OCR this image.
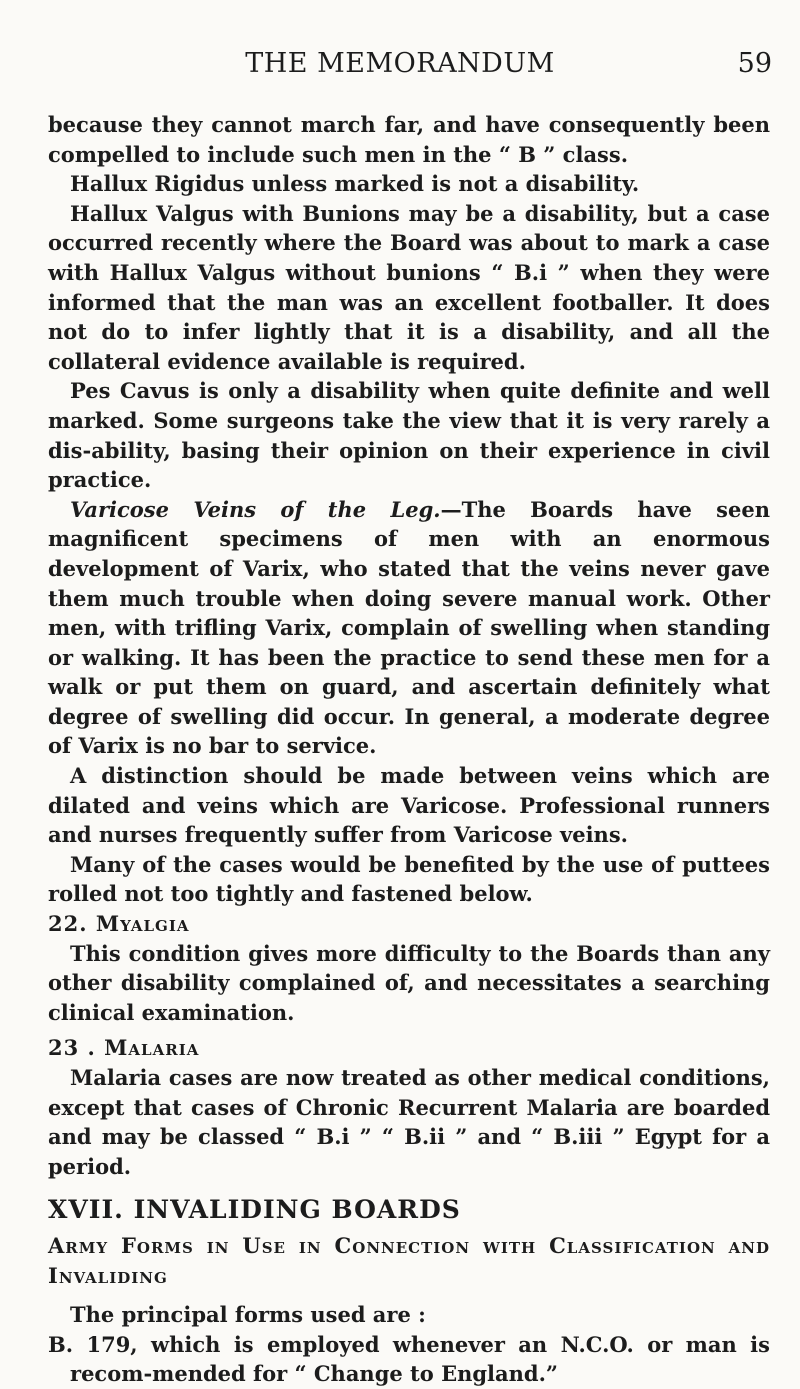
THE MEMORANDUM	59

because they cannot march far, and have consequently been compelled to include such men in the “ B ” class.

Hallux Rigidus unless marked is not a disability.

Hallux Valgus with Bunions may be a disability, but a case occurred recently where the Board was about to mark a case with Hallux Valgus without bunions “ B.i ” when they were informed that the man was an excellent footballer. It does not do to infer lightly that it is a disability, and all the collateral evidence available is required.

Pes Cavus is only a disability when quite definite and well marked. Some surgeons take the view that it is very rarely a dis-ability, basing their opinion on their experience in civil practice.

Varicose Veins of the Leg.—The Boards have seen magnificent specimens of men with an enormous development of Varix, who stated that the veins never gave them much trouble when doing severe manual work. Other men, with trifling Varix, complain of swelling when standing or walking. It has been the practice to send these men for a walk or put them on guard, and ascertain definitely what degree of swelling did occur. In general, a moderate degree of Varix is no bar to service.

A distinction should be made between veins which are dilated and veins which are Varicose. Professional runners and nurses frequently suffer from Varicose veins.

Many of the cases would be benefited by the use of puttees rolled not too tightly and fastened below.

22. Myalgia

This condition gives more difficulty to the Boards than any other disability complained of, and necessitates a searching clinical examination.

23 . Malaria

Malaria cases are now treated as other medical conditions, except that cases of Chronic Recurrent Malaria are boarded and may be classed “ B.i ” “ B.ii ” and “ B.iii ” Egypt for a period.

XVII. INVALIDING BOARDS

Army Forms in Use in Connection with Classification and Invaliding

The principal forms used are :

B. 179, which is employed whenever an N.C.O. or man is recom-mended for “ Change to England.”
